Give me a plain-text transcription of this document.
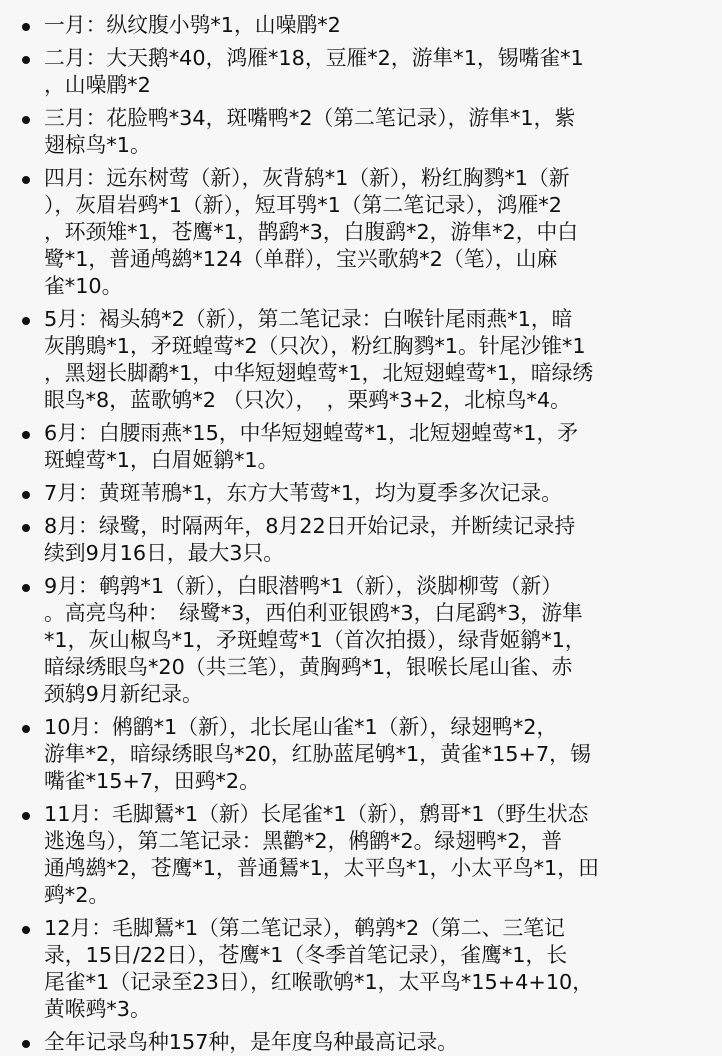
一月：纵纹腹小鸮*1，山噪鹛*2
二月：大天鹅*40，鸿雁*18，豆雁*2，游隼*1，锡嘴雀*1
，山噪鹛*2
三月：花脸鸭*34，斑嘴鸭*2（第二笔记录），游隼*1，紫
翅椋鸟*1。
四月：远东树莺（新），灰背鸫*1（新），粉红胸鹨*1（新
），灰眉岩鹀*1（新），短耳鸮*1（第二笔记录），鸿雁*2
，环颈雉*1，苍鹰*1，鹊鹞*3，白腹鹞*2，游隼*2，中白
鹭*1，普通鸬鹚*124（单群），宝兴歌鸫*2（笔），山麻
雀*10。
5月：褐头鸫*2（新），第二笔记录：白喉针尾雨燕*1，暗
灰鹃鵙*1，矛斑蝗莺*2（只次），粉红胸鹨*1。针尾沙锥*1
，黑翅长脚鹬*1，中华短翅蝗莺*1，北短翅蝗莺*1，暗绿绣
眼鸟*8，蓝歌鸲*2 （只次），　，栗鹀*3+2，北椋鸟*4。
6月：白腰雨燕*15，中华短翅蝗莺*1，北短翅蝗莺*1，矛
斑蝗莺*1，白眉姬鹟*1。
7月：黄斑苇鳽*1，东方大苇莺*1，均为夏季多次记录。
8月：绿鹭，时隔两年，8月22日开始记录，并断续记录持
续到9月16日，最大3只。
9月：鹌鹑*1（新），白眼潜鸭*1（新），淡脚柳莺（新）
。高亮鸟种：　绿鹭*3，西伯利亚银鸥*3，白尾鹞*3，游隼
*1，灰山椒鸟*1，矛斑蝗莺*1（首次拍摄），绿背姬鹟*1，
暗绿绣眼鸟*20（共三笔），黄胸鹀*1，银喉长尾山雀、赤
颈鸫9月新纪录。
10月：鸺鹠*1（新），北长尾山雀*1（新），绿翅鸭*2，
游隼*2，暗绿绣眼鸟*20，红胁蓝尾鸲*1，黄雀*15+7，锡
嘴雀*15+7，田鹀*2。
11月：毛脚鵟*1（新）长尾雀*1（新），鹩哥*1（野生状态
逃逸鸟），第二笔记录：黑鹳*2，鸺鹠*2。绿翅鸭*2，普
通鸬鹚*2，苍鹰*1，普通鵟*1，太平鸟*1，小太平鸟*1，田
鹀*2。
12月：毛脚鵟*1（第二笔记录），鹌鹑*2（第二、三笔记
录，15日/22日），苍鹰*1（冬季首笔记录），雀鹰*1，长
尾雀*1（记录至23日），红喉歌鸲*1，太平鸟*15+4+10，
黄喉鹀*3。
全年记录鸟种157种，是年度鸟种最高记录。
